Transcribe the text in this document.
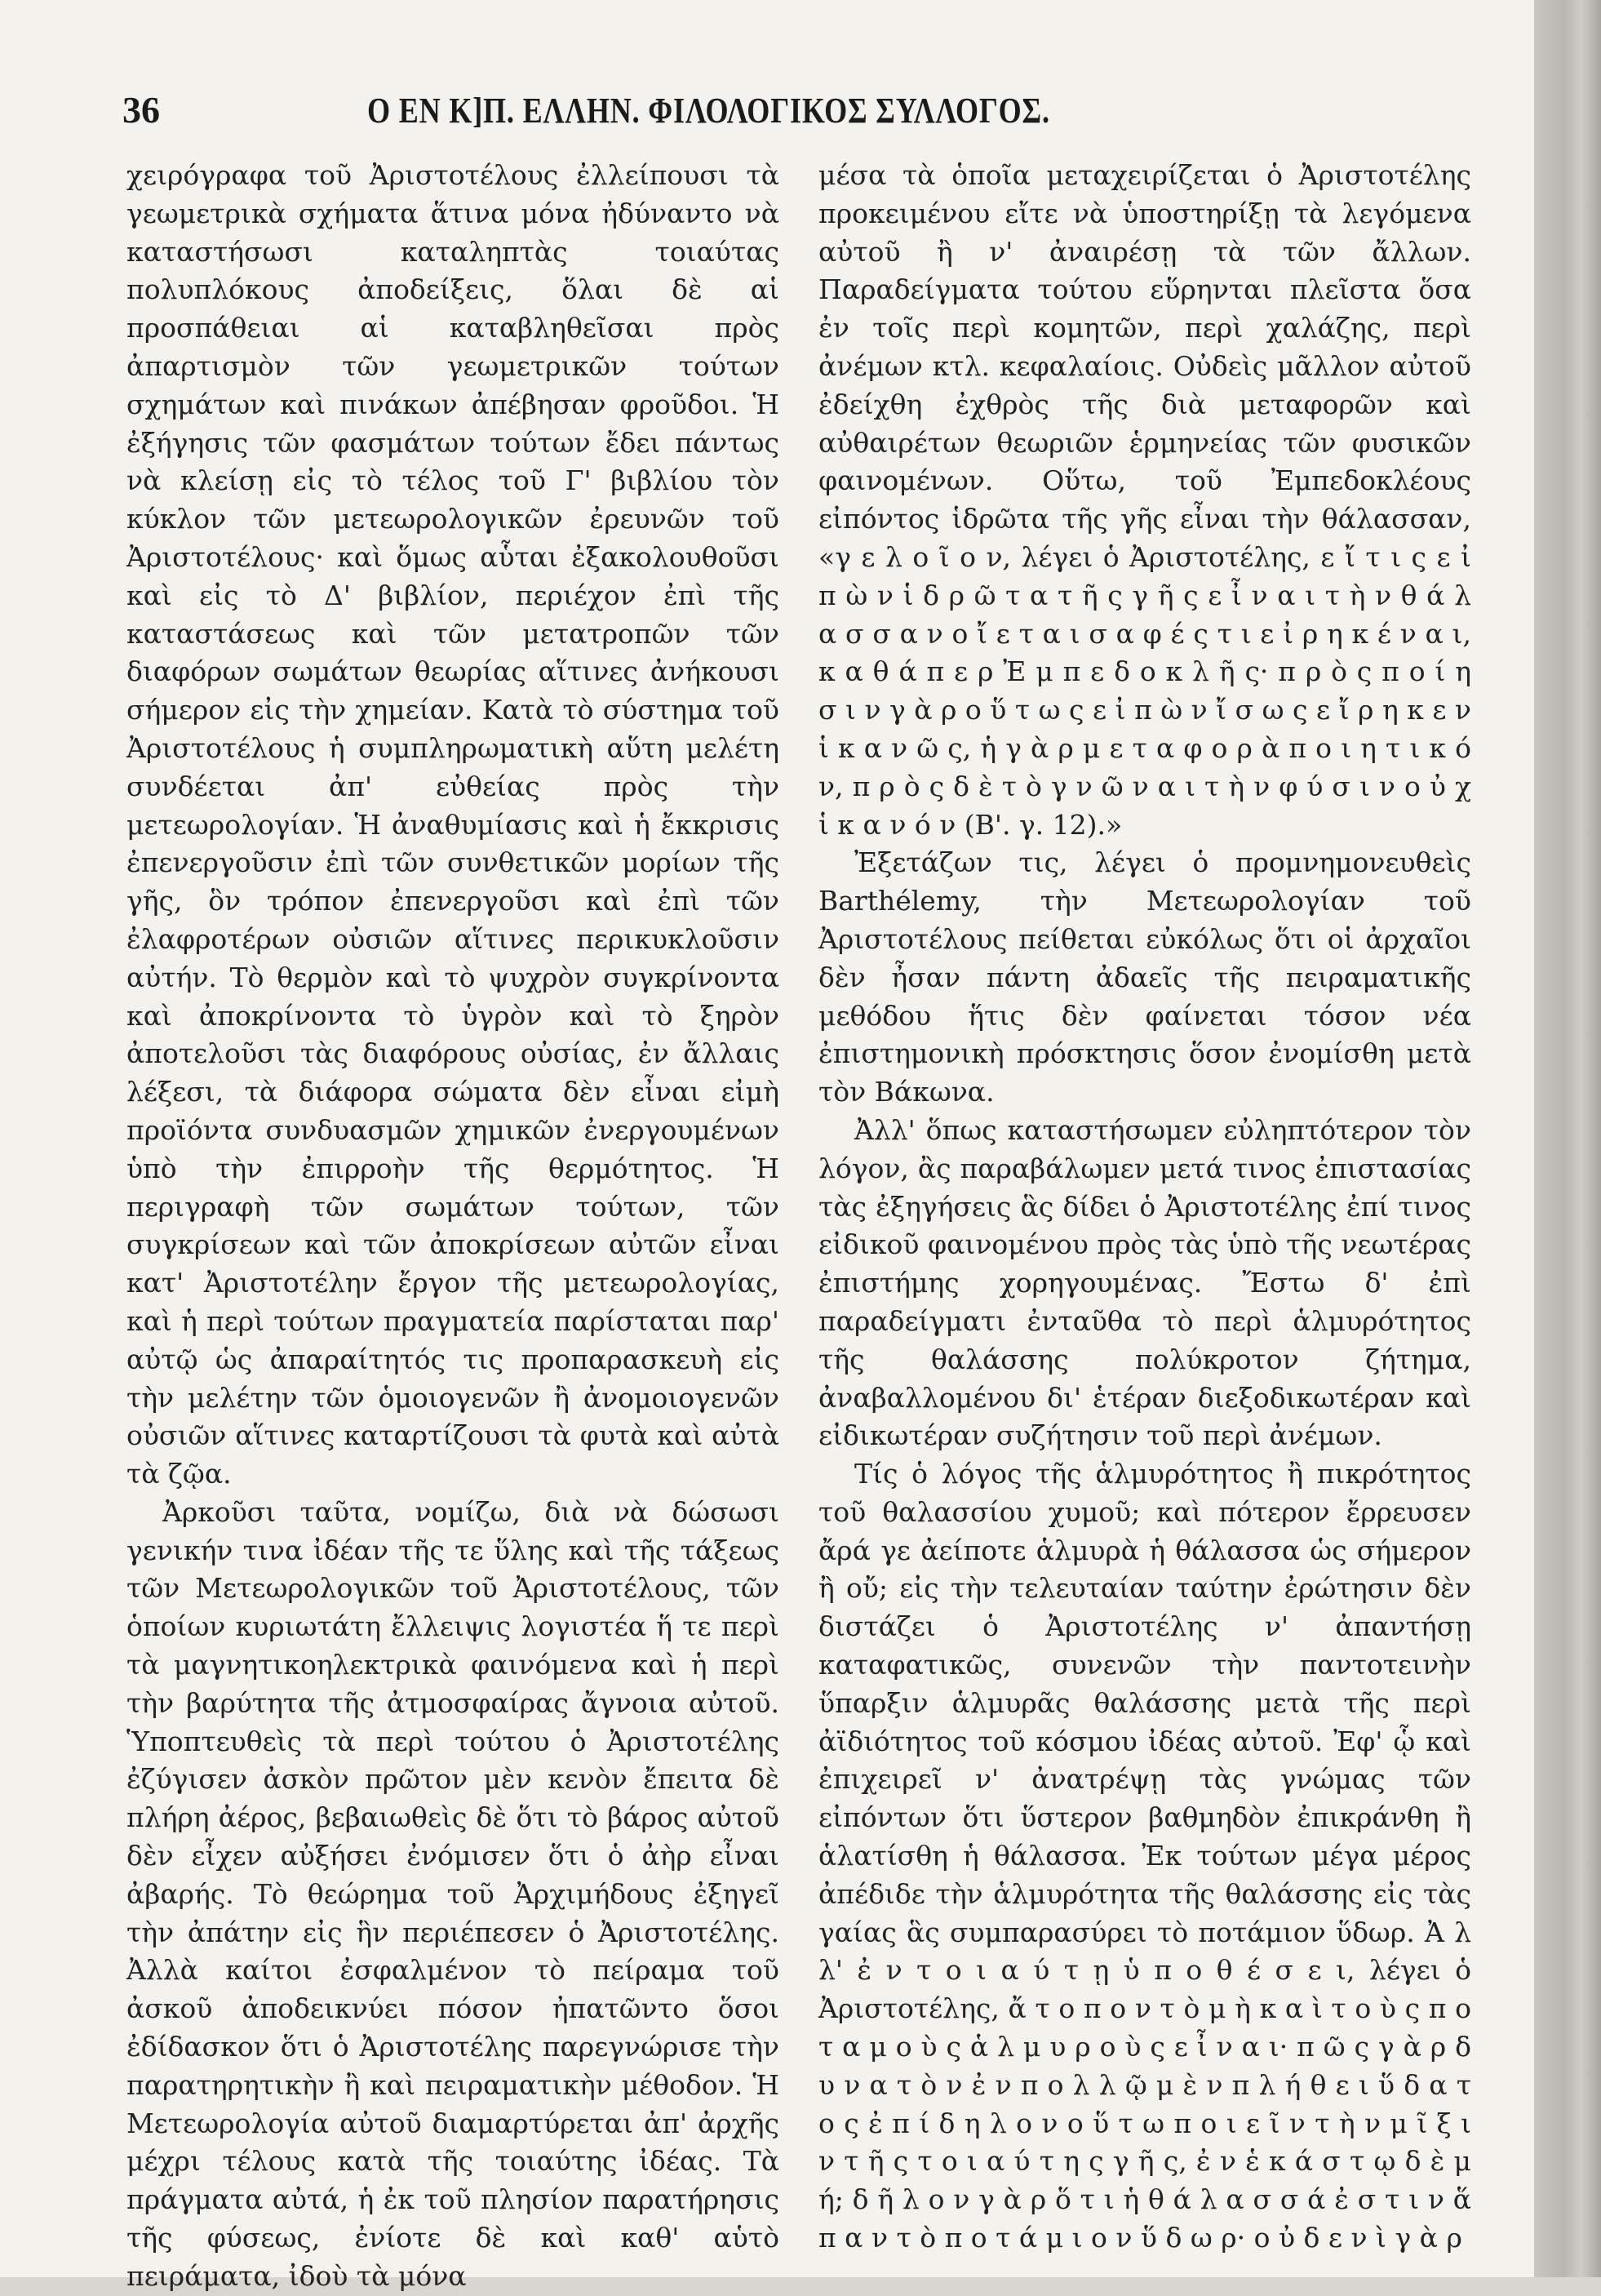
36	Ο ΕΝ Κ]Π. ΕΛΛΗΝ. ΦΙΛΟΛΟΓΙΚΟΣ ΣΥΛΛΟΓΟΣ.

χειρόγραφα τοῦ Ἀριστοτέλους ἐλλείπουσι τὰ γεωμετρικὰ σχήματα ἅτινα μόνα ἠδύναντο νὰ καταστήσωσι καταληπτὰς τοιαύτας πολυπλόκους ἀποδείξεις, ὅλαι δὲ αἱ προσπάθειαι αἱ καταβληθεῖσαι πρὸς ἀπαρτισμὸν τῶν γεωμετρικῶν τούτων σχημάτων καὶ πινάκων ἀπέβησαν φροῦδοι. Ἡ ἐξήγησις τῶν φασμάτων τούτων ἔδει πάντως νὰ κλείσῃ εἰς τὸ τέλος τοῦ Γ' βιβλίου τὸν κύκλον τῶν μετεωρολογικῶν ἐρευνῶν τοῦ Ἀριστοτέλους· καὶ ὅμως αὗται ἐξακολουθοῦσι καὶ εἰς τὸ Δ' βιβλίον, περιέχον ἐπὶ τῆς καταστάσεως καὶ τῶν μετατροπῶν τῶν διαφόρων σωμάτων θεωρίας αἵτινες ἀνήκουσι σήμερον εἰς τὴν χημείαν. Κατὰ τὸ σύστημα τοῦ Ἀριστοτέλους ἡ συμπληρωματικὴ αὕτη μελέτη συνδέεται ἀπ' εὐθείας πρὸς τὴν μετεωρολογίαν. Ἡ ἀναθυμίασις καὶ ἡ ἔκκρισις ἐπενεργοῦσιν ἐπὶ τῶν συνθετικῶν μορίων τῆς γῆς, ὃν τρόπον ἐπενεργοῦσι καὶ ἐπὶ τῶν ἐλαφροτέρων οὐσιῶν αἵτινες περικυκλοῦσιν αὐτήν. Τὸ θερμὸν καὶ τὸ ψυχρὸν συγκρίνοντα καὶ ἀποκρίνοντα τὸ ὑγρὸν καὶ τὸ ξηρὸν ἀποτελοῦσι τὰς διαφόρους οὐσίας, ἐν ἄλλαις λέξεσι, τὰ διάφορα σώματα δὲν εἶναι εἰμὴ προϊόντα συνδυασμῶν χημικῶν ἐνεργουμένων ὑπὸ τὴν ἐπιρροὴν τῆς θερμότητος. Ἡ περιγραφὴ τῶν σωμάτων τούτων, τῶν συγκρίσεων καὶ τῶν ἀποκρίσεων αὐτῶν εἶναι κατ' Ἀριστοτέλην ἔργον τῆς μετεωρολογίας, καὶ ἡ περὶ τούτων πραγματεία παρίσταται παρ' αὐτῷ ὡς ἀπαραίτητός τις προπαρασκευὴ εἰς τὴν μελέτην τῶν ὁμοιογενῶν ἢ ἀνομοιογενῶν οὐσιῶν αἵτινες καταρτίζουσι τὰ φυτὰ καὶ αὐτὰ τὰ ζῷα.

Ἀρκοῦσι ταῦτα, νομίζω, διὰ νὰ δώσωσι γενικήν τινα ἰδέαν τῆς τε ὕλης καὶ τῆς τάξεως τῶν Μετεωρολογικῶν τοῦ Ἀριστοτέλους, τῶν ὁποίων κυριωτάτη ἔλλειψις λογιστέα ἥ τε περὶ τὰ μαγνητικοηλεκτρικὰ φαινόμενα καὶ ἡ περὶ τὴν βαρύτητα τῆς ἀτμοσφαίρας ἄγνοια αὐτοῦ. Ὑποπτευθεὶς τὰ περὶ τούτου ὁ Ἀριστοτέλης ἐζύγισεν ἀσκὸν πρῶτον μὲν κενὸν ἔπειτα δὲ πλήρη ἀέρος, βεβαιωθεὶς δὲ ὅτι τὸ βάρος αὐτοῦ δὲν εἶχεν αὐξήσει ἐνόμισεν ὅτι ὁ ἀὴρ εἶναι ἀβαρής. Τὸ θεώρημα τοῦ Ἀρχιμήδους ἐξηγεῖ τὴν ἀπάτην εἰς ἣν περιέπεσεν ὁ Ἀριστοτέλης. Ἀλλὰ καίτοι ἐσφαλμένον τὸ πείραμα τοῦ ἀσκοῦ ἀποδεικνύει πόσον ἠπατῶντο ὅσοι ἐδίδασκον ὅτι ὁ Ἀριστοτέλης παρεγνώρισε τὴν παρατηρητικὴν ἢ καὶ πειραματικὴν μέθοδον. Ἡ Μετεωρολογία αὐτοῦ διαμαρτύρεται ἀπ' ἀρχῆς μέχρι τέλους κατὰ τῆς τοιαύτης ἰδέας. Τὰ πράγματα αὐτά, ἡ ἐκ τοῦ πλησίον παρατήρησις τῆς φύσεως, ἐνίοτε δὲ καὶ καθ' αὑτὸ πειράματα, ἰδοὺ τὰ μόνα

μέσα τὰ ὁποῖα μεταχειρίζεται ὁ Ἀριστοτέλης προκειμένου εἴτε νὰ ὑποστηρίξῃ τὰ λεγόμενα αὐτοῦ ἢ ν' ἀναιρέσῃ τὰ τῶν ἄλλων. Παραδείγματα τούτου εὕρηνται πλεῖστα ὅσα ἐν τοῖς περὶ κομητῶν, περὶ χαλάζης, περὶ ἀνέμων κτλ. κεφαλαίοις. Οὐδεὶς μᾶλλον αὐτοῦ ἐδείχθη ἐχθρὸς τῆς διὰ μεταφορῶν καὶ αὐθαιρέτων θεωριῶν ἑρμηνείας τῶν φυσικῶν φαινομένων. Οὕτω, τοῦ Ἐμπεδοκλέους εἰπόντος ἱδρῶτα τῆς γῆς εἶναι τὴν θάλασσαν, «γ ε λ ο ῖ ο ν, λέγει ὁ Ἀριστοτέλης, ε ἴ τ ι ς ε ἰ π ὼ ν ἱ δ ρ ῶ τ α τ ῆ ς γ ῆ ς ε ἶ ν α ι τ ὴ ν θ ά λ α σ σ α ν ο ἴ ε τ α ι σ α φ έ ς τ ι ε ἰ ρ η κ έ ν α ι, κ α θ ά π ε ρ Ἐ μ π ε δ ο κ λ ῆ ς· π ρ ὸ ς π ο ί η σ ι ν γ ὰ ρ ο ὕ τ ω ς ε ἰ π ὼ ν ἴ σ ω ς ε ἴ ρ η κ ε ν ἱ κ α ν ῶ ς, ἡ γ ὰ ρ μ ε τ α φ ο ρ ὰ π ο ι η τ ι κ ό ν, π ρ ὸ ς δ ὲ τ ὸ γ ν ῶ ν α ι τ ὴ ν φ ύ σ ι ν ο ὐ χ ἱ κ α ν ό ν (Β'. γ. 12).»

Ἐξετάζων τις, λέγει ὁ προμνημονευθεὶς Barthélemy, τὴν Μετεωρολογίαν τοῦ Ἀριστοτέλους πείθεται εὐκόλως ὅτι οἱ ἀρχαῖοι δὲν ἦσαν πάντη ἀδαεῖς τῆς πειραματικῆς μεθόδου ἥτις δὲν φαίνεται τόσον νέα ἐπιστημονικὴ πρόσκτησις ὅσον ἐνομίσθη μετὰ τὸν Βάκωνα.

Ἀλλ' ὅπως καταστήσωμεν εὐληπτότερον τὸν λόγον, ἂς παραβάλωμεν μετά τινος ἐπιστασίας τὰς ἐξηγήσεις ἃς δίδει ὁ Ἀριστοτέλης ἐπί τινος εἰδικοῦ φαινομένου πρὸς τὰς ὑπὸ τῆς νεωτέρας ἐπιστήμης χορηγουμένας. Ἔστω δ' ἐπὶ παραδείγματι ἐνταῦθα τὸ περὶ ἁλμυρότητος τῆς θαλάσσης πολύκροτον ζήτημα, ἀναβαλλομένου δι' ἑτέραν διεξοδικωτέραν καὶ εἰδικωτέραν συζήτησιν τοῦ περὶ ἀνέμων.

Τίς ὁ λόγος τῆς ἁλμυρότητος ἢ πικρότητος τοῦ θαλασσίου χυμοῦ; καὶ πότερον ἔρρευσεν ἄρά γε ἀείποτε ἁλμυρὰ ἡ θάλασσα ὡς σήμερον ἢ οὔ; εἰς τὴν τελευταίαν ταύτην ἐρώτησιν δὲν διστάζει ὁ Ἀριστοτέλης ν' ἀπαντήσῃ καταφατικῶς, συνενῶν τὴν παντοτεινὴν ὕπαρξιν ἁλμυρᾶς θαλάσσης μετὰ τῆς περὶ ἀϊδιότητος τοῦ κόσμου ἰδέας αὐτοῦ. Ἐφ' ᾧ καὶ ἐπιχειρεῖ ν' ἀνατρέψῃ τὰς γνώμας τῶν εἰπόντων ὅτι ὕστερον βαθμηδὸν ἐπικράνθη ἢ ἁλατίσθη ἡ θάλασσα. Ἐκ τούτων μέγα μέρος ἀπέδιδε τὴν ἁλμυρότητα τῆς θαλάσσης εἰς τὰς γαίας ἃς συμπαρασύρει τὸ ποτάμιον ὕδωρ. Ἀ λ λ' ἐ ν τ ο ι α ύ τ ῃ ὑ π ο θ έ σ ε ι, λέγει ὁ Ἀριστοτέλης, ἄ τ ο π ο ν τ ὸ μ ὴ κ α ὶ τ ο ὺ ς π ο τ α μ ο ὺ ς ἁ λ μ υ ρ ο ὺ ς ε ἶ ν α ι· π ῶ ς γ ὰ ρ δ υ ν α τ ὸ ν ἐ ν π ο λ λ ῷ μ ὲ ν π λ ή θ ε ι ὕ δ α τ ο ς ἐ π ί δ η λ ο ν ο ὕ τ ω π ο ι ε ῖ ν τ ὴ ν μ ῖ ξ ι ν τ ῆ ς τ ο ι α ύ τ η ς γ ῆ ς, ἐ ν ἑ κ ά σ τ ῳ δ ὲ μ ή; δ ῆ λ ο ν γ ὰ ρ ὅ τ ι ἡ θ ά λ α σ σ ά ἐ σ τ ι ν ἅ π α ν τ ὸ π ο τ ά μ ι ο ν ὕ δ ω ρ· ο ὐ δ ε ν ὶ γ ὰ ρ
